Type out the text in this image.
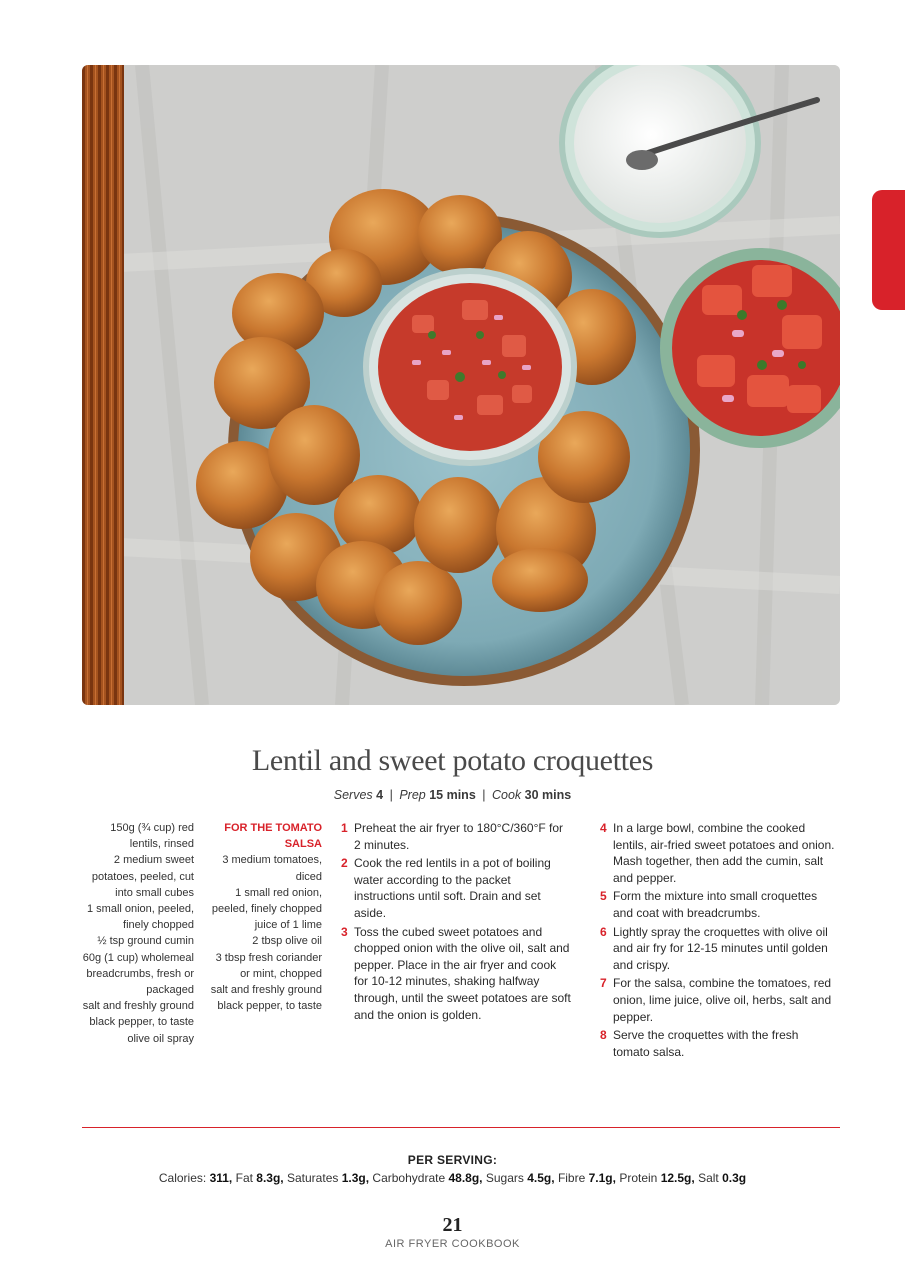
Lentil and sweet potato croquettes
Serves 4 | Prep 15 mins | Cook 30 mins
150g (¾ cup) red lentils, rinsed
2 medium sweet potatoes, peeled, cut into small cubes
1 small onion, peeled, finely chopped
½ tsp ground cumin
60g (1 cup) wholemeal breadcrumbs, fresh or packaged
salt and freshly ground black pepper, to taste
olive oil spray
FOR THE TOMATO SALSA
3 medium tomatoes, diced
1 small red onion, peeled, finely chopped
juice of 1 lime
2 tbsp olive oil
3 tbsp fresh coriander or mint, chopped
salt and freshly ground black pepper, to taste
1 Preheat the air fryer to 180°C/360°F for 2 minutes.
2 Cook the red lentils in a pot of boiling water according to the packet instructions until soft. Drain and set aside.
3 Toss the cubed sweet potatoes and chopped onion with the olive oil, salt and pepper. Place in the air fryer and cook for 10-12 minutes, shaking halfway through, until the sweet potatoes are soft and the onion is golden.
4 In a large bowl, combine the cooked lentils, air-fried sweet potatoes and onion. Mash together, then add the cumin, salt and pepper.
5 Form the mixture into small croquettes and coat with breadcrumbs.
6 Lightly spray the croquettes with olive oil and air fry for 12-15 minutes until golden and crispy.
7 For the salsa, combine the tomatoes, red onion, lime juice, olive oil, herbs, salt and pepper.
8 Serve the croquettes with the fresh tomato salsa.
PER SERVING:
Calories: 311, Fat 8.3g, Saturates 1.3g, Carbohydrate 48.8g, Sugars 4.5g, Fibre 7.1g, Protein 12.5g, Salt 0.3g
21
AIR FRYER COOKBOOK
